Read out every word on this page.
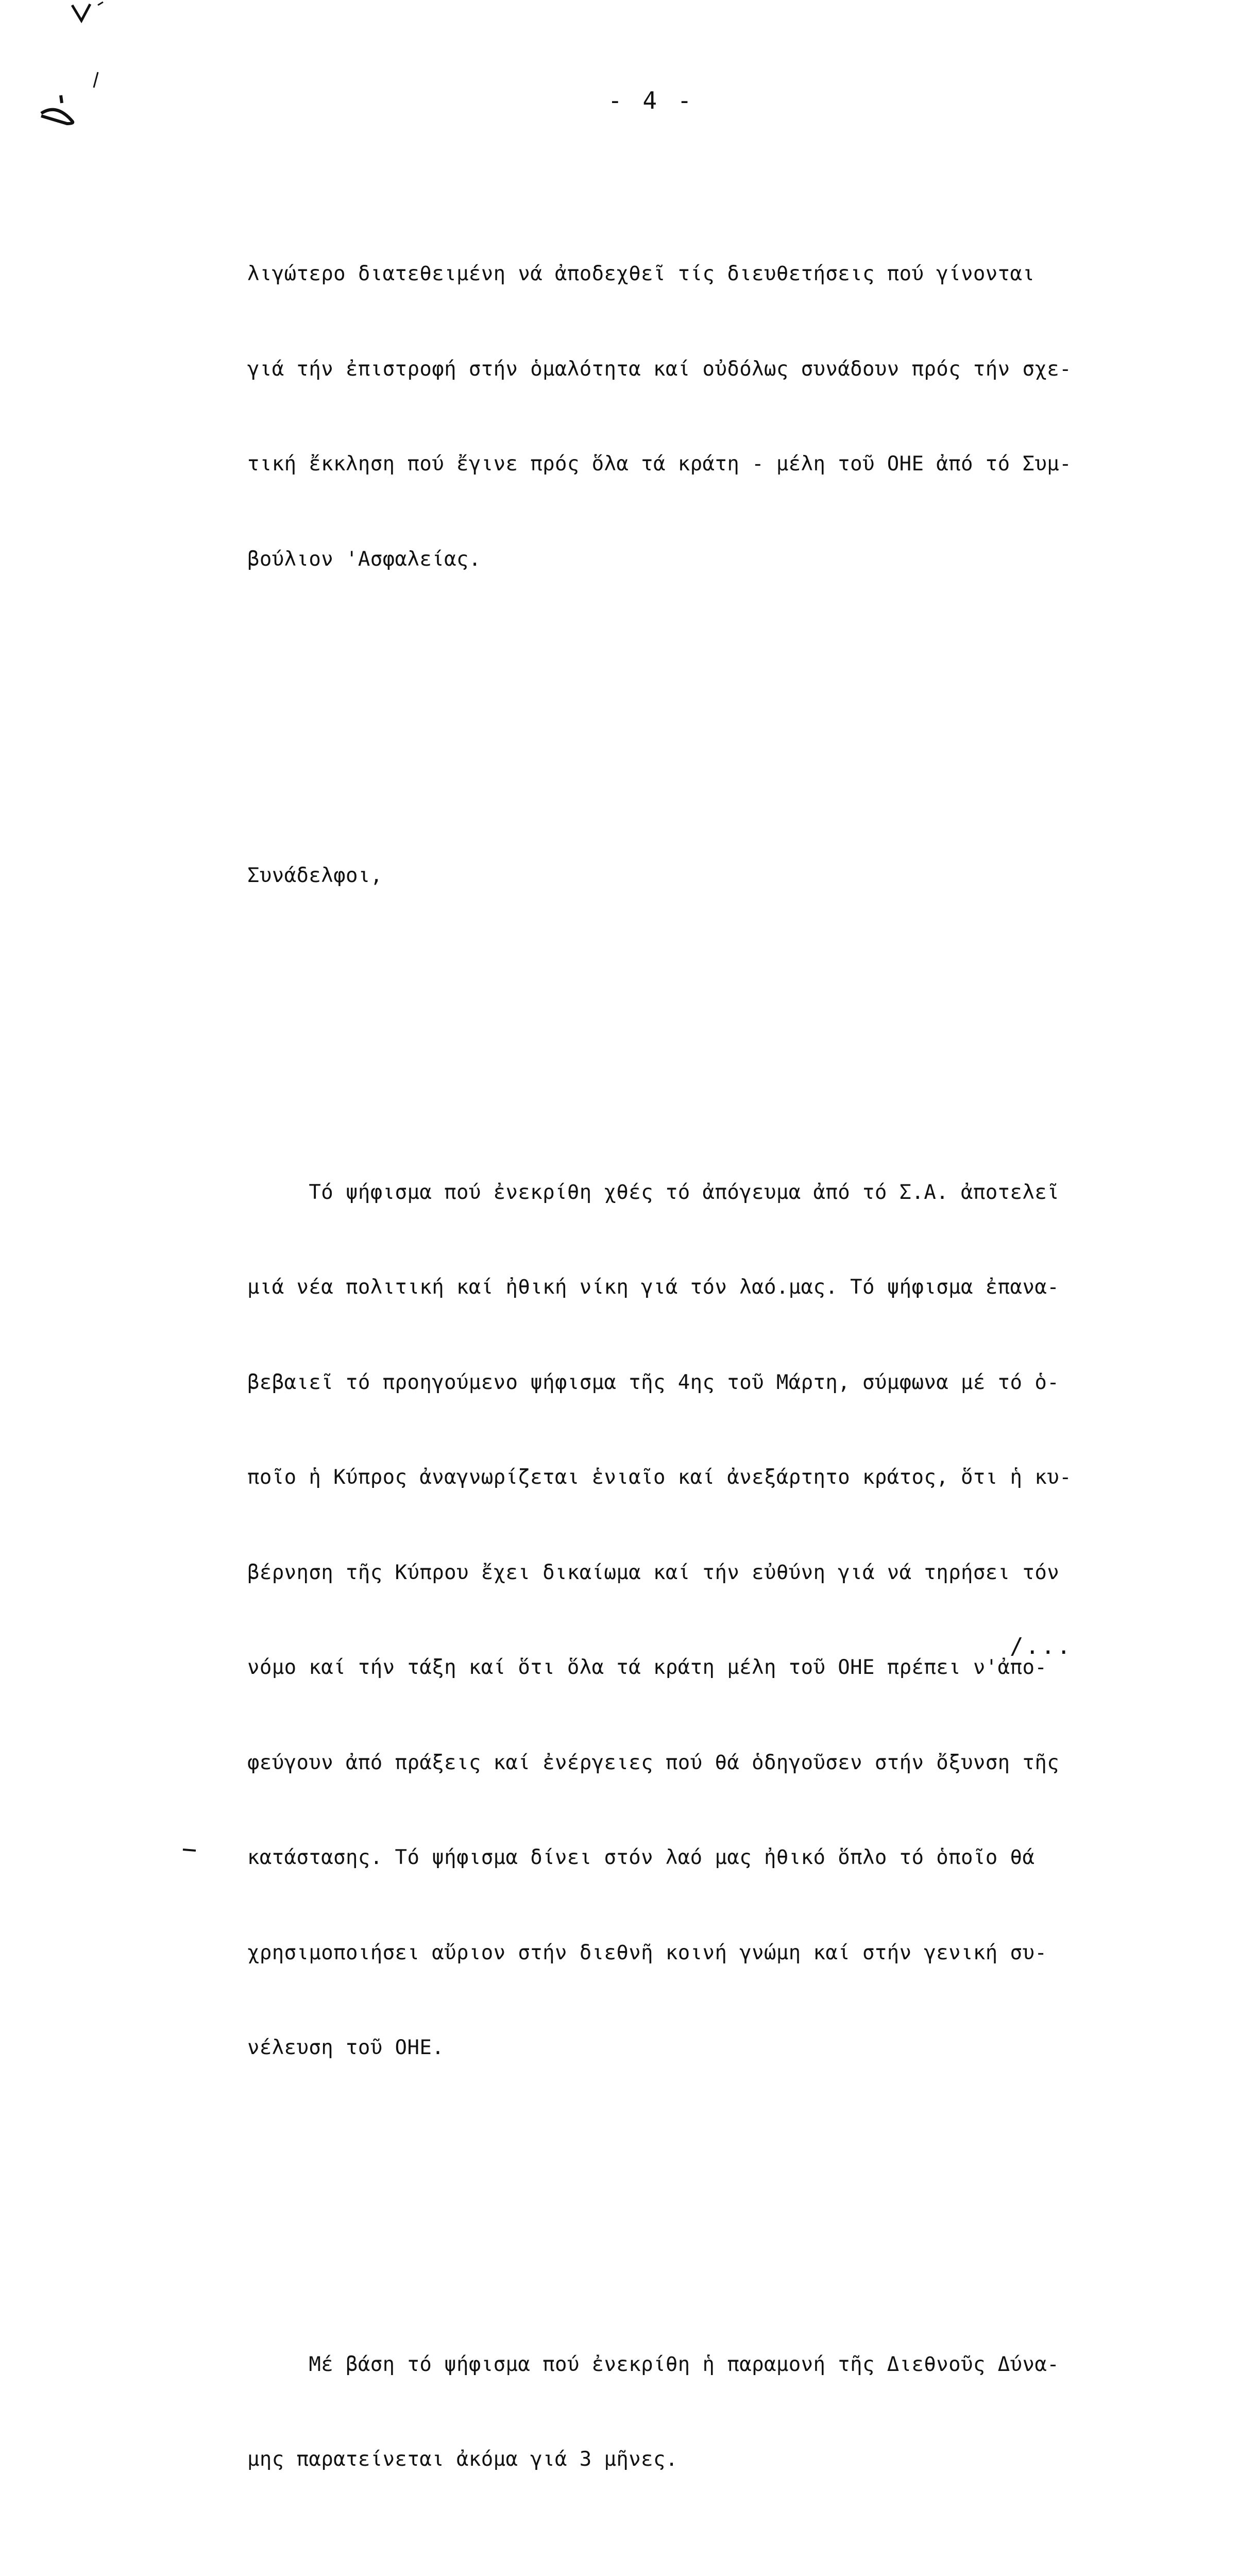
- 4 -

λιγώτερο διατεθειμένη νά ἀποδεχθεῖ τίς διευθετήσεις πού γίνονται

γιά τήν ἐπιστροφή στήν ὁμαλότητα καί οὐδόλως συνάδουν πρός τήν σχε-

τική ἔκκληση πού ἔγινε πρός ὅλα τά κράτη - μέλη τοῦ ΟΗΕ ἀπό τό Συμ-

βούλιον 'Ασφαλείας.

Συνάδελφοι,

Τό ψήφισμα πού ἐνεκρίθη χθές τό ἀπόγευμα ἀπό τό Σ.Α. ἀποτελεῖ

μιά νέα πολιτική καί ἠθική νίκη γιά τόν λαό.μας. Τό ψήφισμα ἐπανα-

βεβαιεῖ τό προηγούμενο ψήφισμα τῆς 4ης τοῦ Μάρτη, σύμφωνα μέ τό ὁ-

ποῖο ἡ Κύπρος ἀναγνωρίζεται ἑνιαῖο καί ἀνεξάρτητο κράτος, ὅτι ἡ κυ-

βέρνηση τῆς Κύπρου ἔχει δικαίωμα καί τήν εὐθύνη γιά νά τηρήσει τόν

νόμο καί τήν τάξη καί ὅτι ὅλα τά κράτη μέλη τοῦ ΟΗΕ πρέπει ν'ἀπο-

φεύγουν ἀπό πράξεις καί ἐνέργειες πού θά ὁδηγοῦσεν στήν ὄξυνση τῆς

κατάστασης. Τό ψήφισμα δίνει στόν λαό μας ἠθικό ὅπλο τό ὁποῖο θά

χρησιμοποιήσει αὔριον στήν διεθνῆ κοινή γνώμη καί στήν γενική συ-

νέλευση τοῦ ΟΗΕ.

Μέ βάση τό ψήφισμα πού ἐνεκρίθη ἡ παραμονή τῆς Διεθνοῦς Δύνα-

μης παρατείνεται ἀκόμα γιά 3 μῆνες.

/...
